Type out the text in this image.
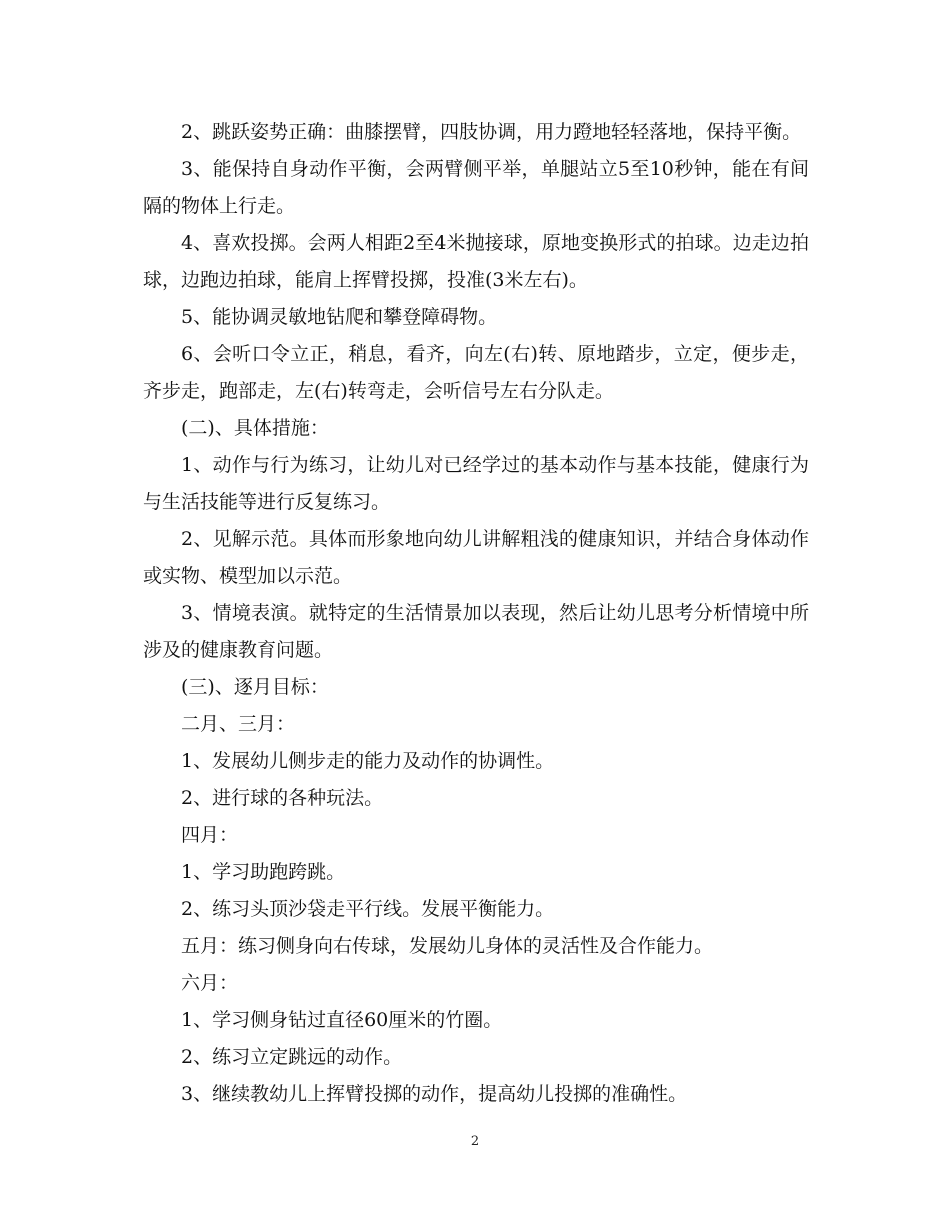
2、跳跃姿势正确：曲膝摆臂，四肢协调，用力蹬地轻轻落地，保持平衡。

3、能保持自身动作平衡，会两臂侧平举，单腿站立5至10秒钟，能在有间隔的物体上行走。

4、喜欢投掷。会两人相距2至4米抛接球，原地变换形式的拍球。边走边拍球，边跑边拍球，能肩上挥臂投掷，投准(3米左右)。

5、能协调灵敏地钻爬和攀登障碍物。

6、会听口令立正，稍息，看齐，向左(右)转、原地踏步，立定，便步走，齐步走，跑部走，左(右)转弯走，会听信号左右分队走。

(二)、具体措施：

1、动作与行为练习，让幼儿对已经学过的基本动作与基本技能，健康行为与生活技能等进行反复练习。

2、见解示范。具体而形象地向幼儿讲解粗浅的健康知识，并结合身体动作或实物、模型加以示范。

3、情境表演。就特定的生活情景加以表现，然后让幼儿思考分析情境中所涉及的健康教育问题。

(三)、逐月目标：

二月、三月：

1、发展幼儿侧步走的能力及动作的协调性。

2、进行球的各种玩法。

四月：

1、学习助跑跨跳。

2、练习头顶沙袋走平行线。发展平衡能力。

五月：练习侧身向右传球，发展幼儿身体的灵活性及合作能力。

六月：

1、学习侧身钻过直径60厘米的竹圈。

2、练习立定跳远的动作。

3、继续教幼儿上挥臂投掷的动作，提高幼儿投掷的准确性。

2
